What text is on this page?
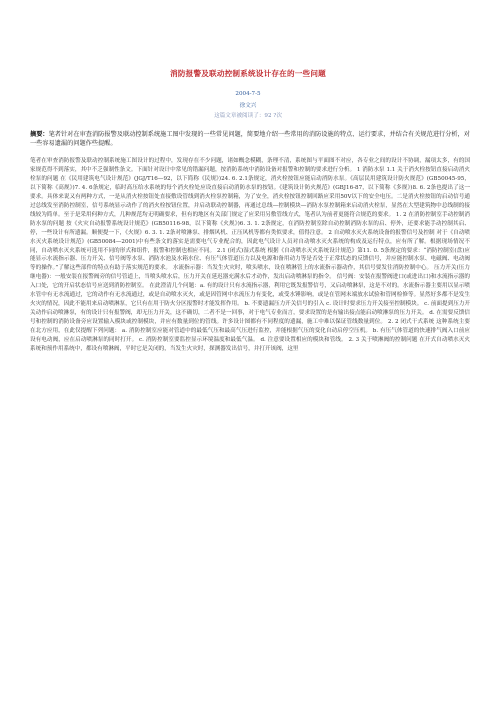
消防报警及联动控制系统设计存在的一些问题
2004-7-5
徐文兴
这篇文章被阅读了：92 ?次
摘要：笔者针对在审查消防报警及联动控制系统施工图中发现的一些常见问题，简要地介绍一些常用的消防设施的特点、运行要求，并结合有关规范进行分析，对一些容易遗漏的问题作些提醒。

笔者在审查消防报警及联动控制系统施工图设计的过程中，发现存在不少问题，诸如概念模糊，条理不清，系统图与平面图不对应，各专业之间的设计不协调，漏项太多，有的国家规范得不到落实，其中不乏强制性条文。下面针对设计中常见的错漏问题，按消防系统中消防设备对报警和控制的要求进行分析。 1 消防水泵 1.1 关于消火栓按钮直接启动消火栓泵的问题 在《民用建筑电气设计规范》(JGJ/T16—92，以下简称《民规》)24. 6. 2.1条规定，消火栓按钮应能启动消防水泵。《高层民用建筑设计防火规范》(GB50045-95，以下简称《高规》)7. 4. 6条规定，临时高压给水系统的每个消火栓处应设直接启动消防水泵的按钮。《建筑设计防火规范》(GBJ16-87，以下简称《多规》)8. 6. 2条也提出了这一要求。具体来说又有两种方式，一是从消火栓按钮处直接敷设管线到消火栓泵控制箱，为了安全，消火栓按钮控制回路应采用50V以下的安全电压。二是消火栓按钮的启动信号通过总线发至消防控制室，信号系统显示动作了的消火栓按钮位置，并启动联动控制器，再通过总线—控制模块—消防水泵控制箱来启动消火栓泵，显然在大型建筑物中总线制的接线较为简单。至于是采用何种方式，几种规范均无明确要求，但有的地区有关部门规定了应采用另敷管线方式，笔者认为前者更能符合规范的要求。 1. 2 在消防控制室手动控制消防水泵的问题 按《火灾自动报警系统设计规范》(GB50116-98，以下简称《火规》)6. 3. 1. 2条规定，在消防控制室除自动控制消防水泵的启、停外，还要求能手动控制其启、停，一些设计有所遗漏。顺便提一下，《火规》6. 3. 1. 2条对喷淋泵、排烟风机、正压风机等都有类似要求，值得注意。 2 自动喷水灭火系统设备的报警信号及控制 对于《自动喷水灭火系统设计规范》(GB50084—2001)中有些条文的落实是需要电气专业配合的，因此电气设计人员对自动喷水灭火系统的构成及运行特点，应有所了解。根据现场情况不同，自动喷水灭火系统可选用不同的形式和组件，报警和控制也相应不同。 2.1 (闭式)湿式系统 根据《自动喷水灭火系统设计规范》第11. 0. 5条规定的要求：“消防控制室(盘)应能显示水流指示器、压力开关、信号阀等水泵、消防水池及水箱水位、有压气体管道压力以及电源和备用动力等是否处于正常状态的反馈信号，并应能控制水泵、电磁阀、电动阀等的操作。”了解这些部件的特点有助于落实规范的要求。 水流指示器：当发生火灾时，喷头喷水，设在喷淋管上的水流指示器动作，其信号要发往消防控制中心。 压力开关(压力继电器)：一般安装在报警阀旁的信号管道上，当喷头喷水后，压力开关在延迟器充满水后才动作，发出启动喷淋泵的指令。 信号阀：安装在报警阀进口(或进出口)和水流指示器的入口处，它的开启状态信号应送到消防控制室。 在此澄清几个问题：a. 有的设计只有水流指示器，利用它既发报警信号，又启动喷淋泵，这是不对的。水流指示器主要用以显示喷水管中有无水流通过，它的动作有无水流通过，或是自动喷水灭火，或是因管网中水流压力有变化，或受水锤影响，或是在管网末端放水试验和管网检修等。显然好多都不是发生火灾的情况，因此不能用来启动喷淋泵，它只有在用于防火分区报警时才能发挥作用。 b. 不要遗漏压力开关信号的引入 c. 设计时要求压力开关接至控制模块。 c. 前面提到压力开关动作启动喷淋泵，有的设计只有报警阀，却无压力开关，这不确切，二者不是一回事，对于电气专业而言，要求设置的是有输出接点能启动喷淋泵的压力开关。 d. 在需要反馈信号和控制的消防设备旁应设置输入模块或控制模块，并应有数量到位的管线。许多设计图都有不同程度的遗漏，施工中难以保证管线数量到位。 2. 2 闭式干式系统 这种系统主要在北方应用，在此仅提醒下列问题： a. 消防控制室应能对管道中的最低气压和最高气压进行监控，并能根据气压的变化自动启停空压机。 b. 有压气体管道的快速排气阀入口前应设有电动阀，应在启动喷淋泵的同时打开。 c. 消防控制室要监控显示环境温度和最低气温。 d. 注意要设置相应的模块和管线。 2. 3 关于喷淋阀的控制问题 在开式自动喷水灭火系统和预作用系统中，都设有喷淋阀，平时它是关闭的，当发生火灾时，探测器发出信号，并打开该阀，这里
